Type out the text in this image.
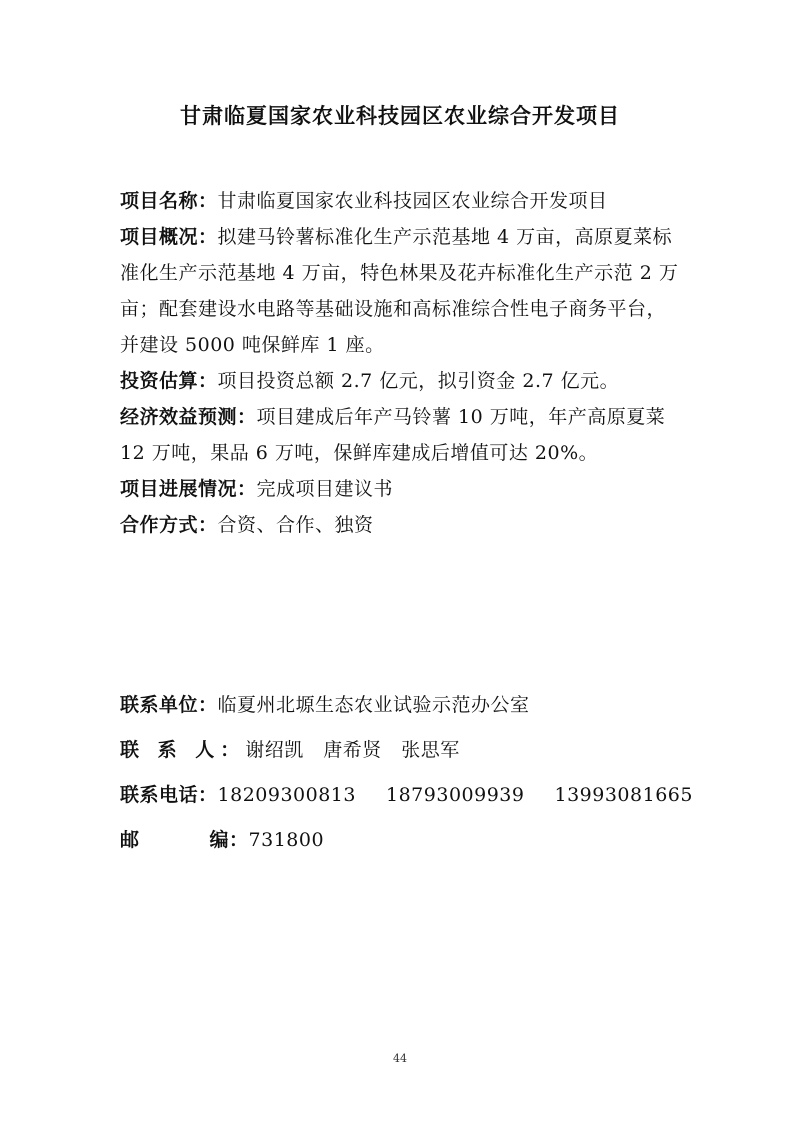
甘肃临夏国家农业科技园区农业综合开发项目

项目名称：甘肃临夏国家农业科技园区农业综合开发项目

项目概况：拟建马铃薯标准化生产示范基地 4 万亩，高原夏菜标准化生产示范基地 4 万亩，特色林果及花卉标准化生产示范 2 万亩；配套建设水电路等基础设施和高标准综合性电子商务平台，并建设 5000 吨保鲜库 1 座。

投资估算：项目投资总额 2.7 亿元，拟引资金 2.7 亿元。

经济效益预测：项目建成后年产马铃薯 10 万吨，年产高原夏菜 12 万吨，果品 6 万吨，保鲜库建成后增值可达 20%。

项目进展情况：完成项目建议书

合作方式：合资、合作、独资

联系单位：临夏州北塬生态农业试验示范办公室

联 系 人：谢绍凯　唐希贤　张思军

联系电话：18209300813 18793009939 13993081665

邮	编：731800

44
